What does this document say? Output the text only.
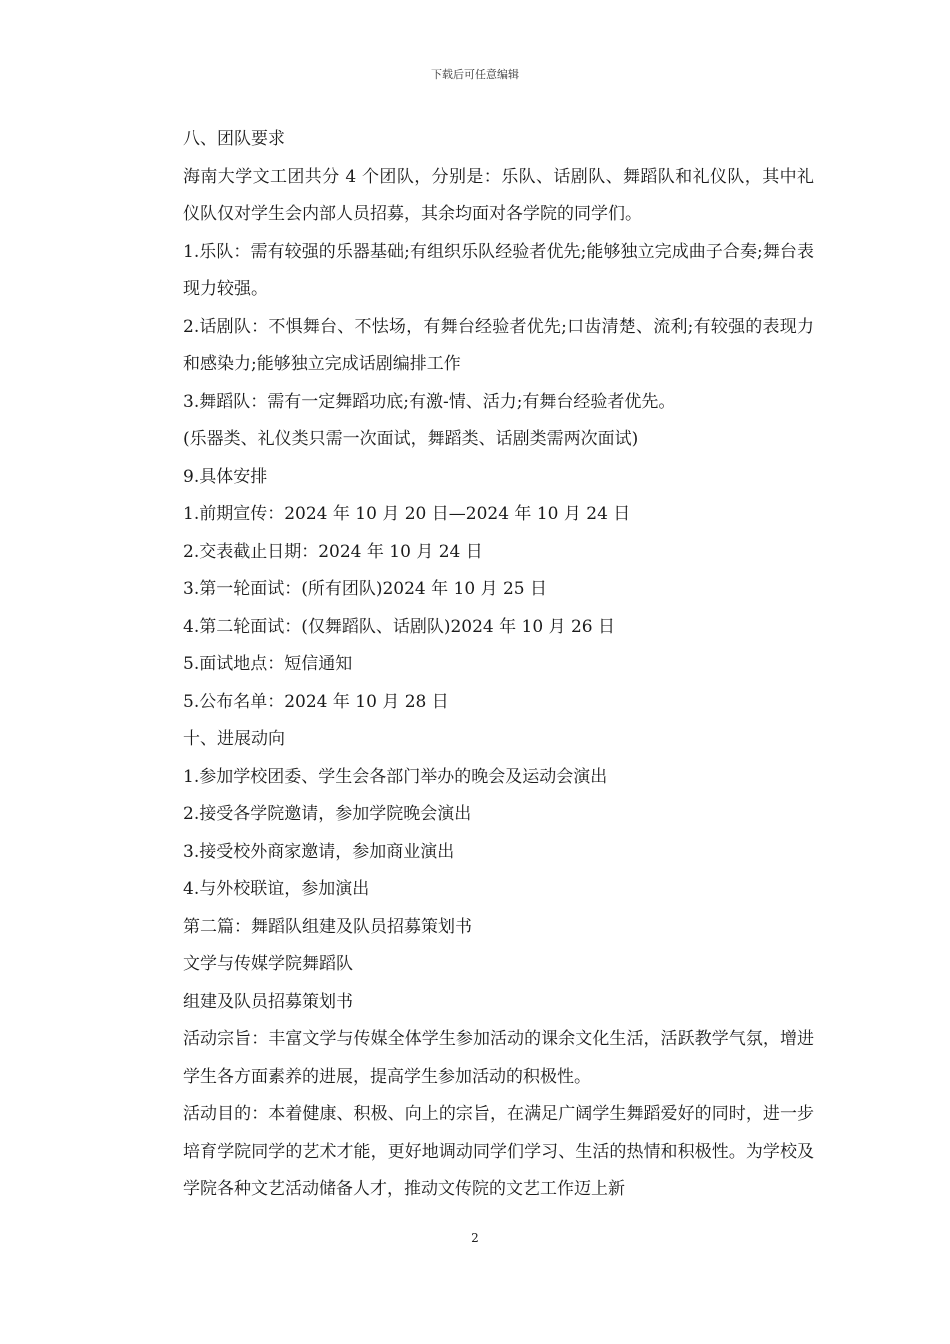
下载后可任意编辑

八、团队要求

海南大学文工团共分 4 个团队，分别是：乐队、话剧队、舞蹈队和礼仪队，其中礼仪队仅对学生会内部人员招募，其余均面对各学院的同学们。

1.乐队：需有较强的乐器基础;有组织乐队经验者优先;能够独立完成曲子合奏;舞台表现力较强。

2.话剧队：不惧舞台、不怯场，有舞台经验者优先;口齿清楚、流利;有较强的表现力和感染力;能够独立完成话剧编排工作

3.舞蹈队：需有一定舞蹈功底;有激-情、活力;有舞台经验者优先。

(乐器类、礼仪类只需一次面试，舞蹈类、话剧类需两次面试)

9.具体安排

1.前期宣传：2024 年 10 月 20 日—2024 年 10 月 24 日

2.交表截止日期：2024 年 10 月 24 日

3.第一轮面试：(所有团队)2024 年 10 月 25 日

4.第二轮面试：(仅舞蹈队、话剧队)2024 年 10 月 26 日

5.面试地点：短信通知

5.公布名单：2024 年 10 月 28 日

十、进展动向

1.参加学校团委、学生会各部门举办的晚会及运动会演出

2.接受各学院邀请，参加学院晚会演出

3.接受校外商家邀请，参加商业演出

4.与外校联谊，参加演出

第二篇：舞蹈队组建及队员招募策划书

文学与传媒学院舞蹈队

组建及队员招募策划书

活动宗旨：丰富文学与传媒全体学生参加活动的课余文化生活，活跃教学气氛，增进学生各方面素养的进展，提高学生参加活动的积极性。

活动目的：本着健康、积极、向上的宗旨，在满足广阔学生舞蹈爱好的同时，进一步培育学院同学的艺术才能，更好地调动同学们学习、生活的热情和积极性。为学校及学院各种文艺活动储备人才，推动文传院的文艺工作迈上新

2
